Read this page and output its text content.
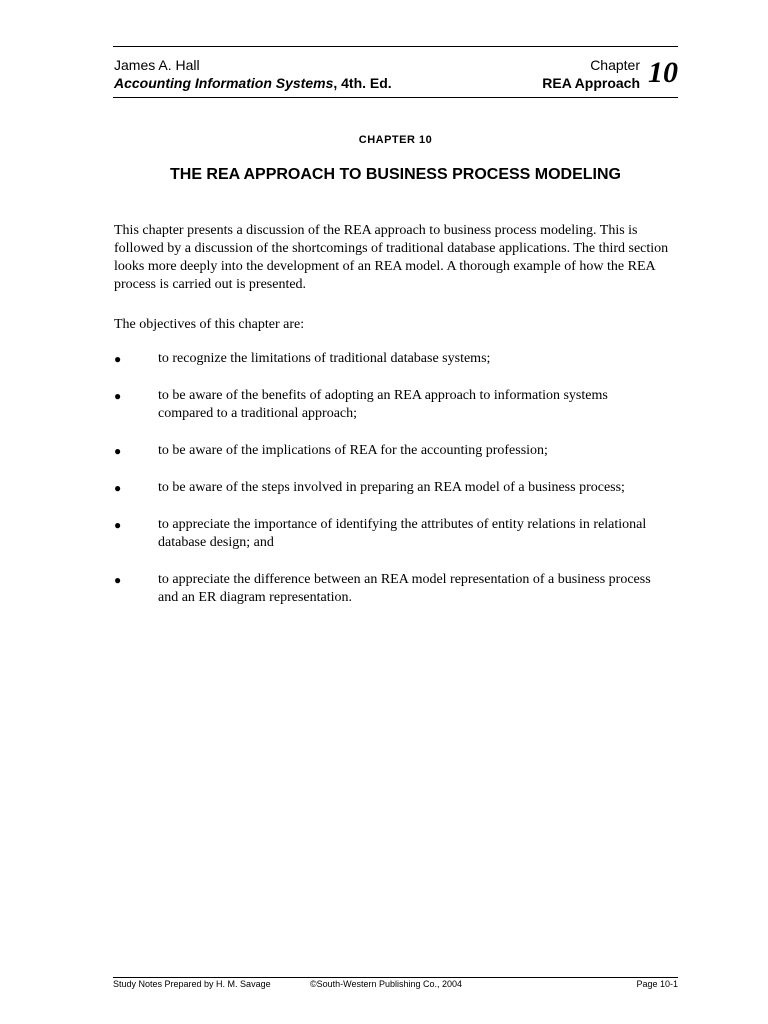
James A. Hall
Accounting Information Systems, 4th. Ed.
Chapter
REA Approach 10
CHAPTER 10
THE REA APPROACH TO BUSINESS PROCESS MODELING

This chapter presents a discussion of the REA approach to business process modeling. This is followed by a discussion of the shortcomings of traditional database applications. The third section looks more deeply into the development of an REA model. A thorough example of how the REA process is carried out is presented.

The objectives of this chapter are:

●	to recognize the limitations of traditional database systems;
●	to be aware of the benefits of adopting an REA approach to information systems compared to a traditional approach;
●	to be aware of the implications of REA for the accounting profession;
●	to be aware of the steps involved in preparing an REA model of a business process;
●	to appreciate the importance of identifying the attributes of entity relations in relational database design; and
●	to appreciate the difference between an REA model representation of a business process and an ER diagram representation.
Study Notes Prepared by H. M. Savage	©South-Western Publishing Co., 2004	Page 10-1
